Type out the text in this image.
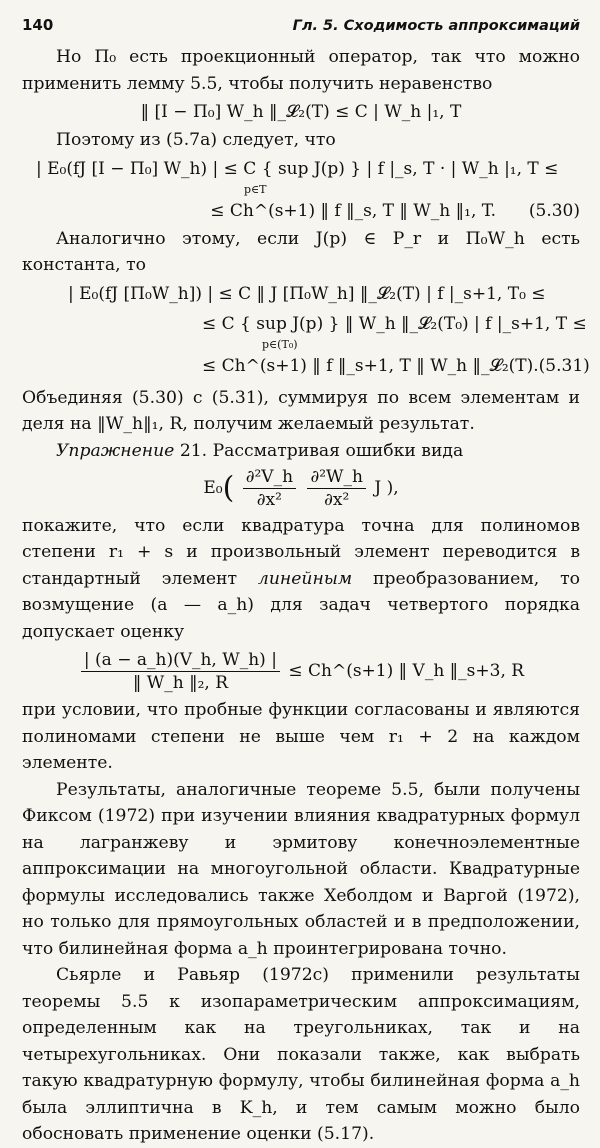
140	Гл. 5. Сходимость аппроксимаций

Но Π₀ есть проекционный оператор, так что можно применить лемму 5.5, чтобы получить неравенство

‖ [I − Π₀] W_h ‖_𝓛₂(T) ≤ C | W_h |₁, T

Поэтому из (5.7а) следует, что

| E₀(fJ [I − Π₀] W_h) | ≤ C { sup J(p) } | f |_s, T · | W_h |₁, T ≤
p∈T
≤ Ch^(s+1) ‖ f ‖_s, T ‖ W_h ‖₁, T.	(5.30)

Аналогично этому, если J(p) ∈ P_r и Π₀W_h есть константа, то

| E₀(fJ [Π₀W_h]) | ≤ C ‖ J [Π₀W_h] ‖_𝓛₂(T) | f |_s+1, T₀ ≤
≤ C { sup J(p) } ‖ W_h ‖_𝓛₂(T₀) | f |_s+1, T ≤
p∈(T₀)
≤ Ch^(s+1) ‖ f ‖_s+1, T ‖ W_h ‖_𝓛₂(T). (5.31)

Объединяя (5.30) с (5.31), суммируя по всем элементам и деля на ‖W_h‖₁, R, получим желаемый результат.

Упражнение 21. Рассматривая ошибки вида

$E_0( \frac{\text{∂²V\_h}}{\text{∂x²}}$
$\frac{\text{∂²W\_h}}{\text{∂x²}}$ J ),

покажите, что если квадратура точна для полиномов степени r₁ + s и произвольный элемент переводится в стандартный элемент линейным преобразованием, то возмущение (a — a_h) для задач четвертого порядка допускает оценку

$\frac{| (a - a\_h)(V\_h, W\_h) |}{\text{‖ W\_h ‖₂, R}}$ ≤ Ch^(s+1) ‖ V_h ‖_s+3, R

при условии, что пробные функции согласованы и являются полиномами степени не выше чем r₁ + 2 на каждом элементе.

Результаты, аналогичные теореме 5.5, были получены Фиксом (1972) при изучении влияния квадратурных формул на лагранжеву и эрмитову конечноэлементные аппроксимации на многоугольной области. Квадратурные формулы исследовались также Хеболдом и Варгой (1972), но только для прямоугольных областей и в предположении, что билинейная форма a_h проинтегрирована точно.

Сьярле и Равьяр (1972с) применили результаты теоремы 5.5 к изопараметрическим аппроксимациям, определенным как на треугольниках, так и на четырехугольниках. Они показали также, как выбрать такую квадратурную формулу, чтобы билинейная форма a_h была эллиптична в K_h, и тем самым можно было обосновать применение оценки (5.17).
